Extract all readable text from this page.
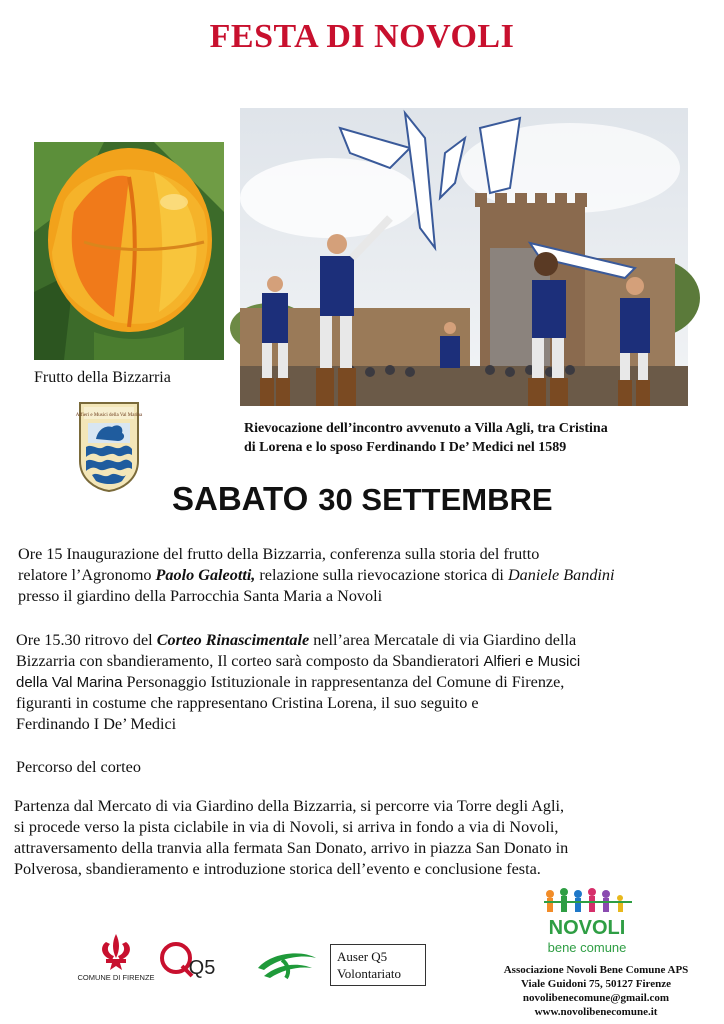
FESTA DI NOVOLI
Frutto della Bizzarria
Alfieri e Musici della Val Marina
Rievocazione dell’incontro avvenuto a Villa Agli, tra Cristina
di Lorena e lo sposo Ferdinando I De’ Medici nel 1589
SABATO 30 SETTEMBRE
Ore 15 Inaugurazione del frutto della Bizzarria, conferenza sulla storia del frutto
relatore l’Agronomo Paolo Galeotti, relazione sulla rievocazione storica di Daniele Bandini
presso il giardino della Parrocchia Santa Maria a Novoli
Ore 15.30 ritrovo del Corteo Rinascimentale nell’area Mercatale di via Giardino della
Bizzarria con sbandieramento, Il corteo sarà composto da Sbandieratori Alfieri e Musici
della Val Marina Personaggio Istituzionale in rappresentanza del Comune di Firenze,
figuranti in costume che rappresentano Cristina Lorena, il suo seguito e
Ferdinando I De’ Medici
Percorso del corteo
Partenza dal Mercato di via Giardino della Bizzarria, si percorre via Torre degli Agli,
si procede verso la pista ciclabile in via di Novoli, si arriva in fondo a via di Novoli,
attraversamento della tranvia alla fermata San Donato, arrivo in piazza San Donato in
Polverosa, sbandieramento e introduzione storica dell’evento e conclusione festa.
NOVOLI
bene comune
Associazione Novoli Bene Comune APS
Viale Guidoni 75, 50127 Firenze
novolibenecomune@gmail.com
www.novolibenecomune.it
COMUNE DI FIRENZE Q5
Auser Q5
Volontariato
